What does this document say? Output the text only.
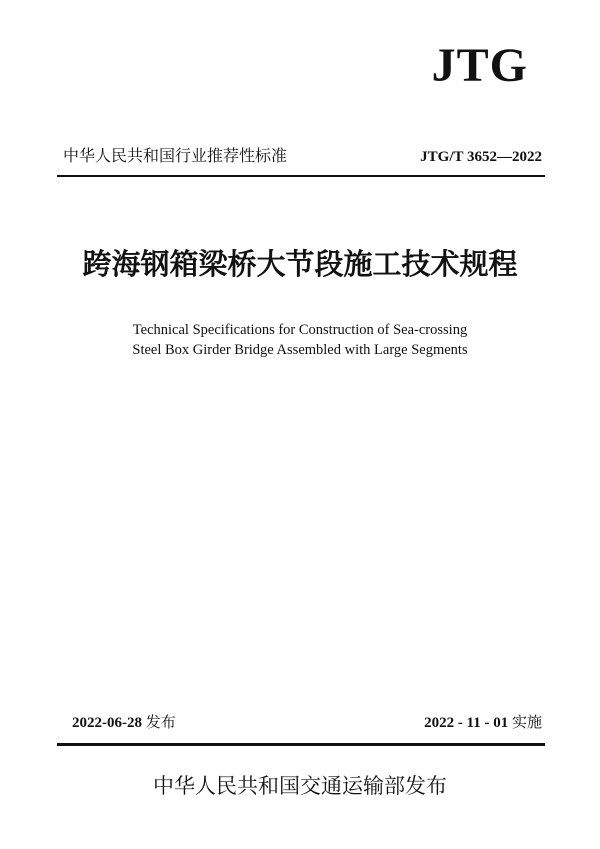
JTG
中华人民共和国行业推荐性标准	JTG/T 3652—2022
跨海钢箱梁桥大节段施工技术规程
Technical Specifications for Construction of Sea-crossing
Steel Box Girder Bridge Assembled with Large Segments
2022-06-28 发布	2022 - 11 - 01 实施
中华人民共和国交通运输部发布
